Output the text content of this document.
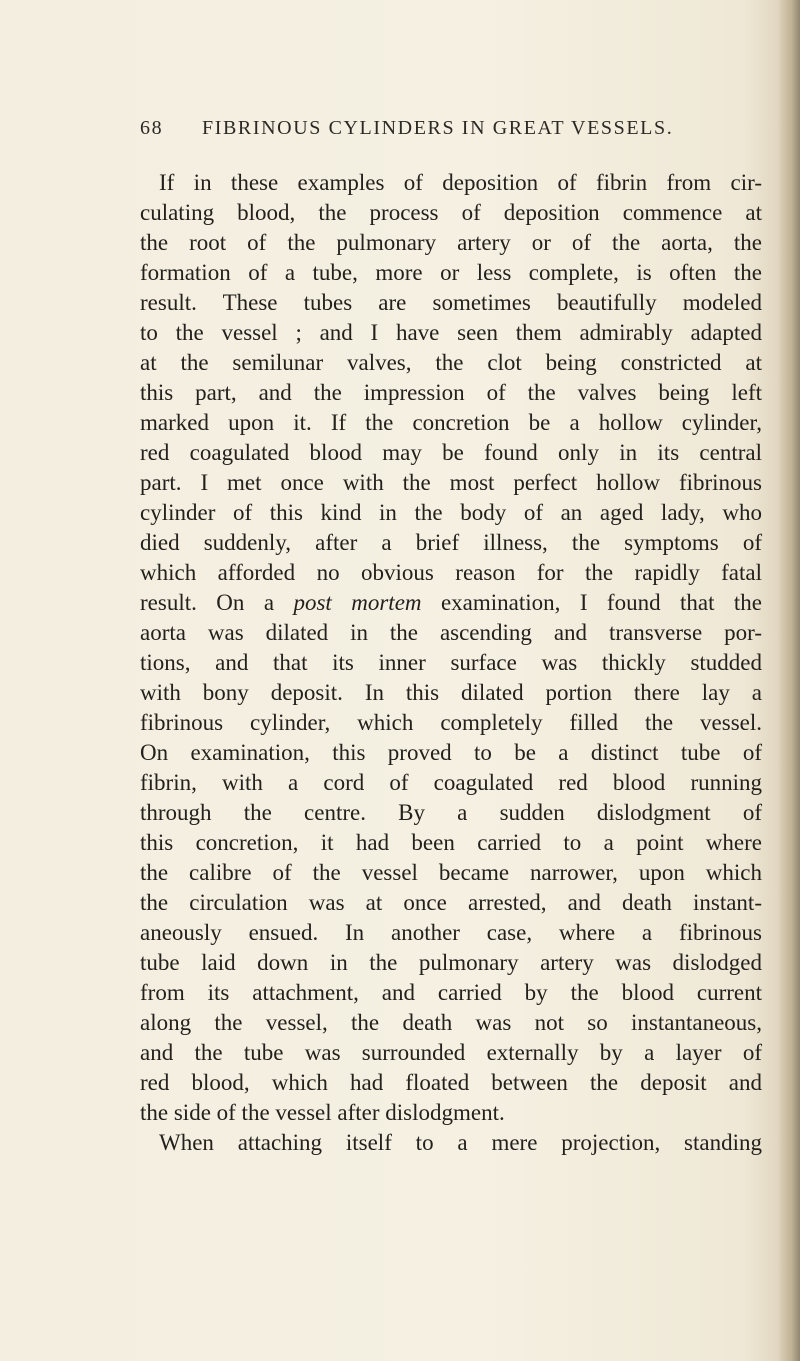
68 FIBRINOUS CYLINDERS IN GREAT VESSELS.
If in these examples of deposition of fibrin from cir-
culating blood, the process of deposition commence at
the root of the pulmonary artery or of the aorta, the
formation of a tube, more or less complete, is often the
result. These tubes are sometimes beautifully modeled
to the vessel ; and I have seen them admirably adapted
at the semilunar valves, the clot being constricted at
this part, and the impression of the valves being left
marked upon it. If the concretion be a hollow cylinder,
red coagulated blood may be found only in its central
part. I met once with the most perfect hollow fibrinous
cylinder of this kind in the body of an aged lady, who
died suddenly, after a brief illness, the symptoms of
which afforded no obvious reason for the rapidly fatal
result. On a post mortem examination, I found that the
aorta was dilated in the ascending and transverse por-
tions, and that its inner surface was thickly studded
with bony deposit. In this dilated portion there lay a
fibrinous cylinder, which completely filled the vessel.
On examination, this proved to be a distinct tube of
fibrin, with a cord of coagulated red blood running
through the centre. By a sudden dislodgment of
this concretion, it had been carried to a point where
the calibre of the vessel became narrower, upon which
the circulation was at once arrested, and death instant-
aneously ensued. In another case, where a fibrinous
tube laid down in the pulmonary artery was dislodged
from its attachment, and carried by the blood current
along the vessel, the death was not so instantaneous,
and the tube was surrounded externally by a layer of
red blood, which had floated between the deposit and
the side of the vessel after dislodgment.
When attaching itself to a mere projection, standing
